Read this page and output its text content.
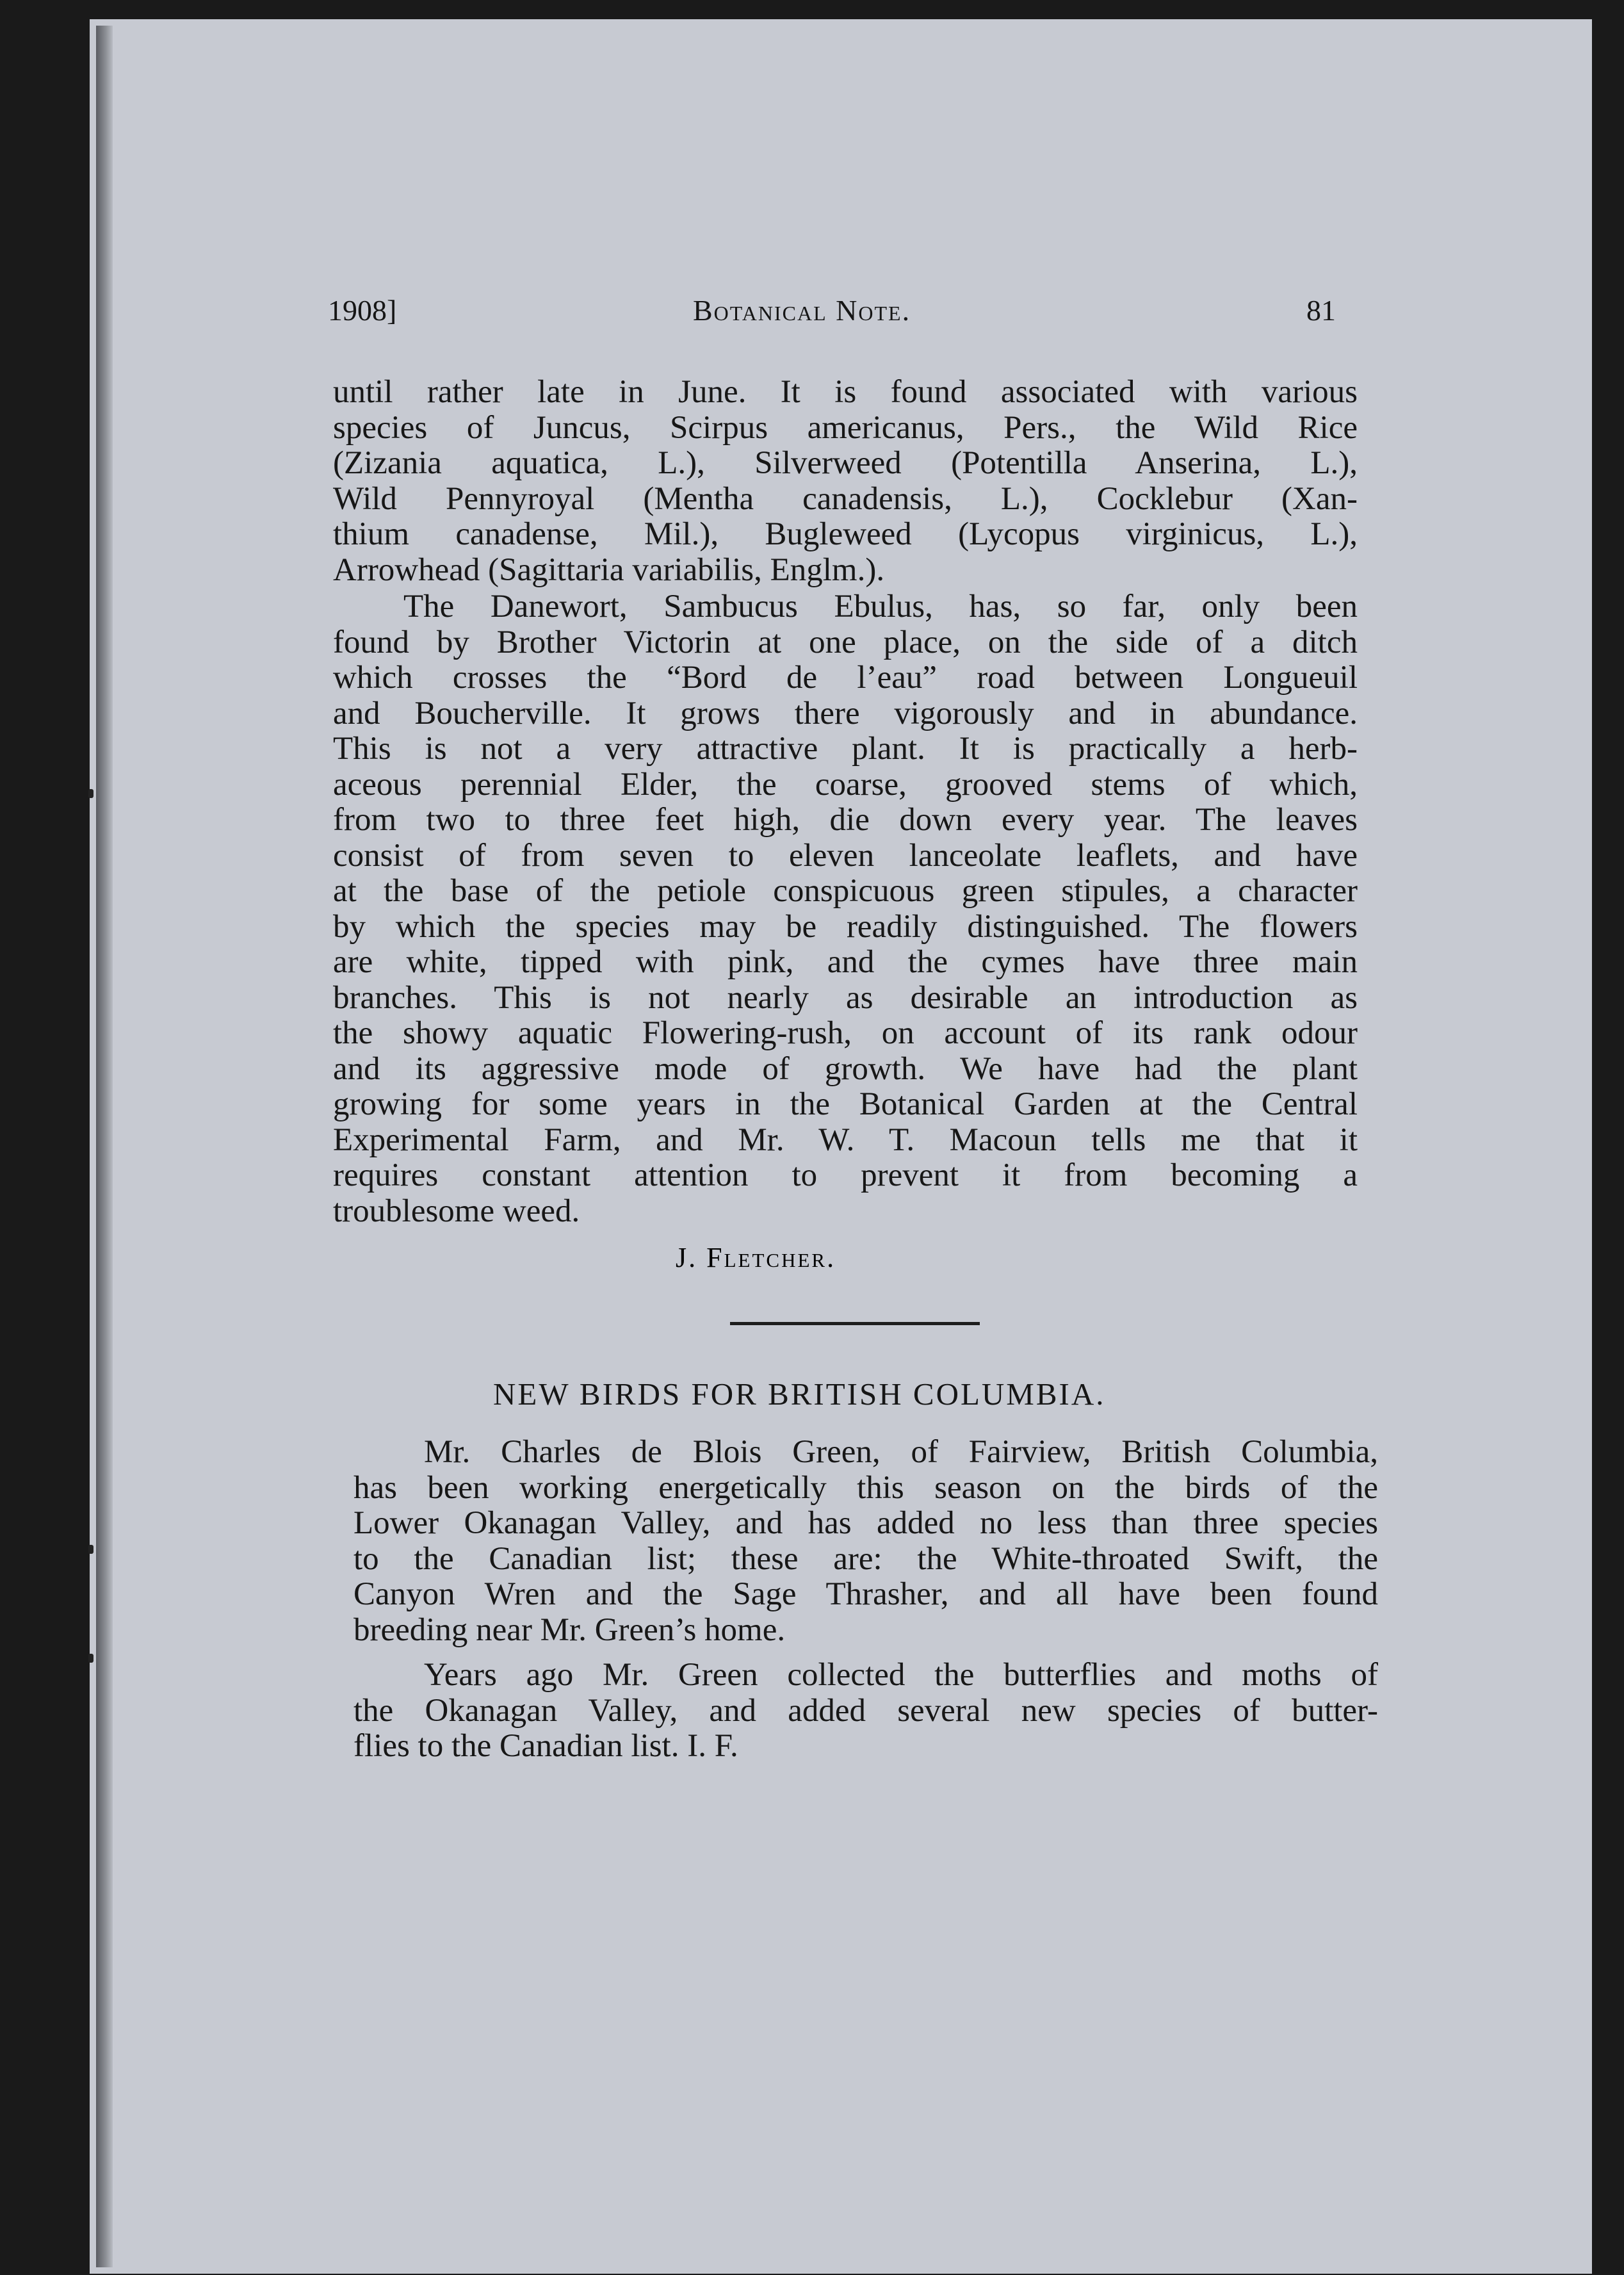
1908]	Botanical Note.	81
until rather late in June. It is found associated with various
species of Juncus, Scirpus americanus, Pers., the Wild Rice
(Zizania aquatica, L.), Silverweed (Potentilla Anserina, L.),
Wild Pennyroyal (Mentha canadensis, L.), Cocklebur (Xan-
thium canadense, Mil.), Bugleweed (Lycopus virginicus, L.),
Arrowhead (Sagittaria variabilis, Englm.).
The Danewort, Sambucus Ebulus, has, so far, only been
found by Brother Victorin at one place, on the side of a ditch
which crosses the “Bord de l’eau” road between Longueuil
and Boucherville. It grows there vigorously and in abundance.
This is not a very attractive plant. It is practically a herb-
aceous perennial Elder, the coarse, grooved stems of which,
from two to three feet high, die down every year. The leaves
consist of from seven to eleven lanceolate leaflets, and have
at the base of the petiole conspicuous green stipules, a character
by which the species may be readily distinguished. The flowers
are white, tipped with pink, and the cymes have three main
branches. This is not nearly as desirable an introduction as
the showy aquatic Flowering-rush, on account of its rank odour
and its aggressive mode of growth. We have had the plant
growing for some years in the Botanical Garden at the Central
Experimental Farm, and Mr. W. T. Macoun tells me that it
requires constant attention to prevent it from becoming a
troublesome weed.
J. Fletcher.
NEW BIRDS FOR BRITISH COLUMBIA.
Mr. Charles de Blois Green, of Fairview, British Columbia,
has been working energetically this season on the birds of the
Lower Okanagan Valley, and has added no less than three species
to the Canadian list; these are: the White-throated Swift, the
Canyon Wren and the Sage Thrasher, and all have been found
breeding near Mr. Green’s home.
Years ago Mr. Green collected the butterflies and moths of
the Okanagan Valley, and added several new species of butter-
flies to the Canadian list. I. F.
